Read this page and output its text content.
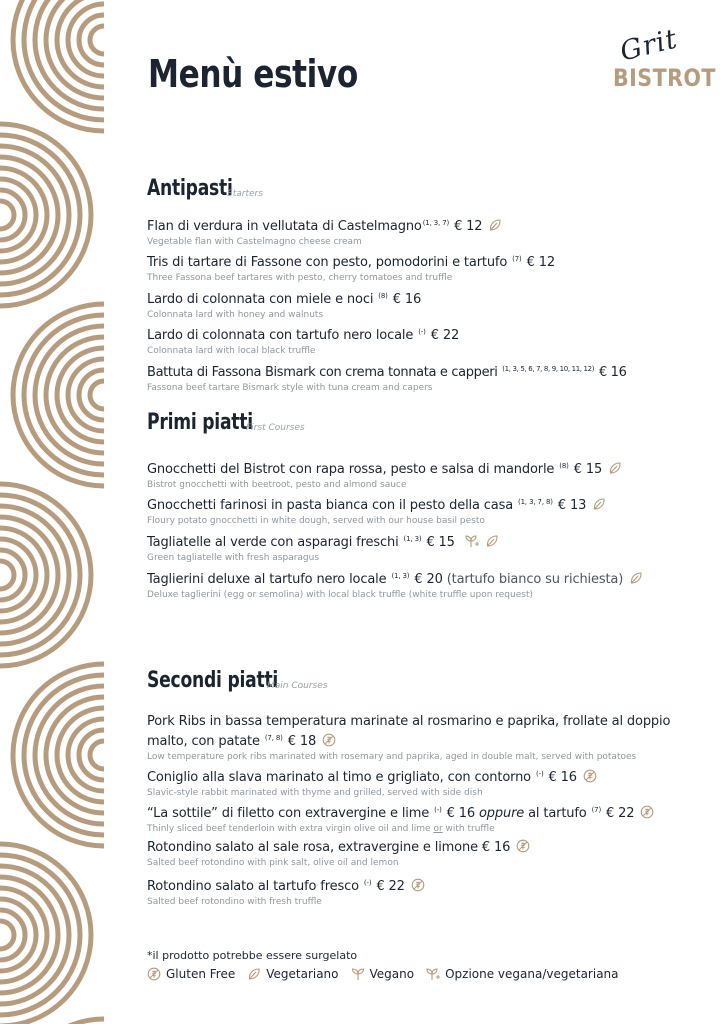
Grit
BISTROT
Menù estivo
Antipasti
Starters
Flan di verdura in vellutata di Castelmagno$^{(1, 3, 7)}$ € 12
Vegetable flan with Castelmagno cheese cream
Tris di tartare di Fassone con pesto, pomodorini e tartufo $^{(7)}$ € 12
Three Fassona beef tartares with pesto, cherry tomatoes and truffle
Lardo di colonnata con miele e noci $^{(8)}$ € 16
Colonnata lard with honey and walnuts
Lardo di colonnata con tartufo nero locale (-) € 22
Colonnata lard with local black truffle
Battuta di Fassona Bismark con crema tonnata e capperi $^{(1, 3, 5, 6, 7, 8, 9, 10, 11, 12)}$ € 16
Fassona beef tartare Bismark style with tuna cream and capers
Primi piatti
First Courses
Gnocchetti del Bistrot con rapa rossa, pesto e salsa di mandorle $^{(8)}$ € 15
Bistrot gnocchetti with beetroot, pesto and almond sauce
Gnocchetti farinosi in pasta bianca con il pesto della casa $^{(1, 3, 7, 8)}$ € 13
Floury potato gnocchetti in white dough, served with our house basil pesto
Tagliatelle al verde con asparagi freschi $^{(1, 3)}$ € 15
Green tagliatelle with fresh asparagus
Taglierini deluxe al tartufo nero locale $^{(1, 3)}$ € 20 (tartufo bianco su richiesta)
Deluxe taglierini (egg or semolina) with local black truffle (white truffle upon request)
Secondi piatti
Main Courses
Pork Ribs in bassa temperatura marinate al rosmarino e paprika, frollate al doppio malto, con patate $^{(7, 8)}$ € 18
Low temperature pork ribs marinated with rosemary and paprika, aged in double malt, served with potatoes
Coniglio alla slava marinato al timo e grigliato, con contorno (-) € 16
Slavic-style rabbit marinated with thyme and grilled, served with side dish
“La sottile” di filetto con extravergine e lime (-) € 16 oppure al tartufo $^{(7)}$ € 22
Thinly sliced beef tenderloin with extra virgin olive oil and lime or with truffle
Rotondino salato al sale rosa, extravergine e limone € 16
Salted beef rotondino with pink salt, olive oil and lemon
Rotondino salato al tartufo fresco (-) € 22
Salted beef rotondino with fresh truffle
*il prodotto potrebbe essere surgelato
Gluten Free	Vegetariano	Vegano	Opzione vegana/vegetariana
